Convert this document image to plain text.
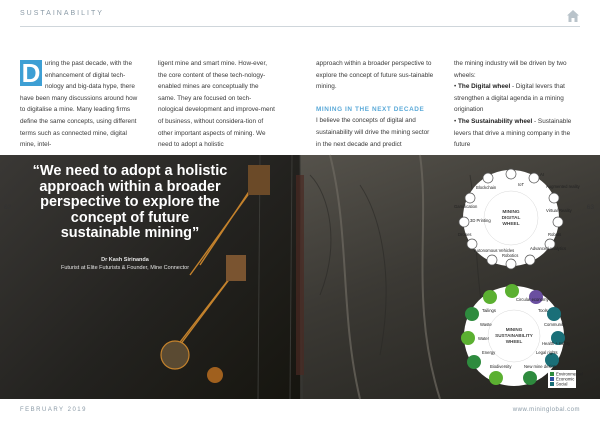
SUSTAINABILITY
D uring the past decade, with the enhancement of digital tech-nology and big-data hype, there have been many discussions around how to digitalise a mine. Many leading firms define the same concepts, using different terms such as connected mine, digital mine, intel-
ligent mine and smart mine. How-ever, the core content of these tech-nology-enabled mines are conceptually the same. They are focused on tech-nological development and improve-ment of business, without considera-tion of other important aspects of mining. We need to adopt a holistic
approach within a broader perspective to explore the concept of future sus-tainable mining.
MINING IN THE NEXT DECADE
I believe the concepts of digital and sustainability will drive the mining sector in the next decade and predict
the mining industry will be driven by two wheels:
• The Digital wheel - Digital levers that strengthen a digital agenda in a mining origination
• The Sustainability wheel - Sustainable levers that drive a mining company in the future
“We need to adopt a holistic approach within a broader perspective to explore the concept of future sustainable mining”
Dr Kash Sirinanda
Futurist at Elite Futurists & Founder, Mine Connector
62	63
MINING
DIGITAL
WHEEL
IoT
AI
Augmented reality
Blockchain
Gamification
Virtual Reality
3D Printing
Robots
Drones
Advanced analytics
Autonomous Vehicles
Robotics
MINING
SUSTAINABILITY
WHEEL
Circular economy
Tools
Community
Health + safety
Legal rights
New mine design
Biodiversity
Energy
Water
Waste
Tailings
Environmental
Economic
Social
FEBRUARY 2019	www.mininglobal.com
